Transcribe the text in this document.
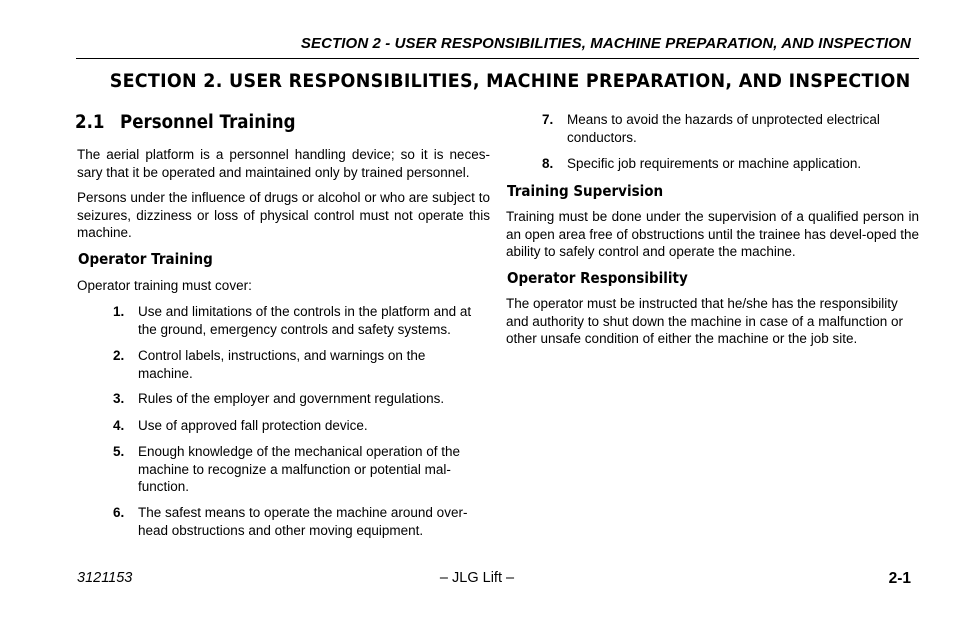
SECTION 2 - USER RESPONSIBILITIES, MACHINE PREPARATION, AND INSPECTION
SECTION 2. USER RESPONSIBILITIES, MACHINE PREPARATION, AND INSPECTION
2.1 Personnel Training
The aerial platform is a personnel handling device; so it is neces-sary that it be operated and maintained only by trained personnel.
Persons under the influence of drugs or alcohol or who are subject to seizures, dizziness or loss of physical control must not operate this machine.
Operator Training
Operator training must cover:
1. Use and limitations of the controls in the platform and at the ground, emergency controls and safety systems.
2. Control labels, instructions, and warnings on the machine.
3. Rules of the employer and government regulations.
4. Use of approved fall protection device.
5. Enough knowledge of the mechanical operation of the machine to recognize a malfunction or potential mal-function.
6. The safest means to operate the machine around over-head obstructions and other moving equipment.
7. Means to avoid the hazards of unprotected electrical conductors.
8. Specific job requirements or machine application.
Training Supervision
Training must be done under the supervision of a qualified person in an open area free of obstructions until the trainee has devel-oped the ability to safely control and operate the machine.
Operator Responsibility
The operator must be instructed that he/she has the responsibility and authority to shut down the machine in case of a malfunction or other unsafe condition of either the machine or the job site.
3121153	– JLG Lift –	2-1
